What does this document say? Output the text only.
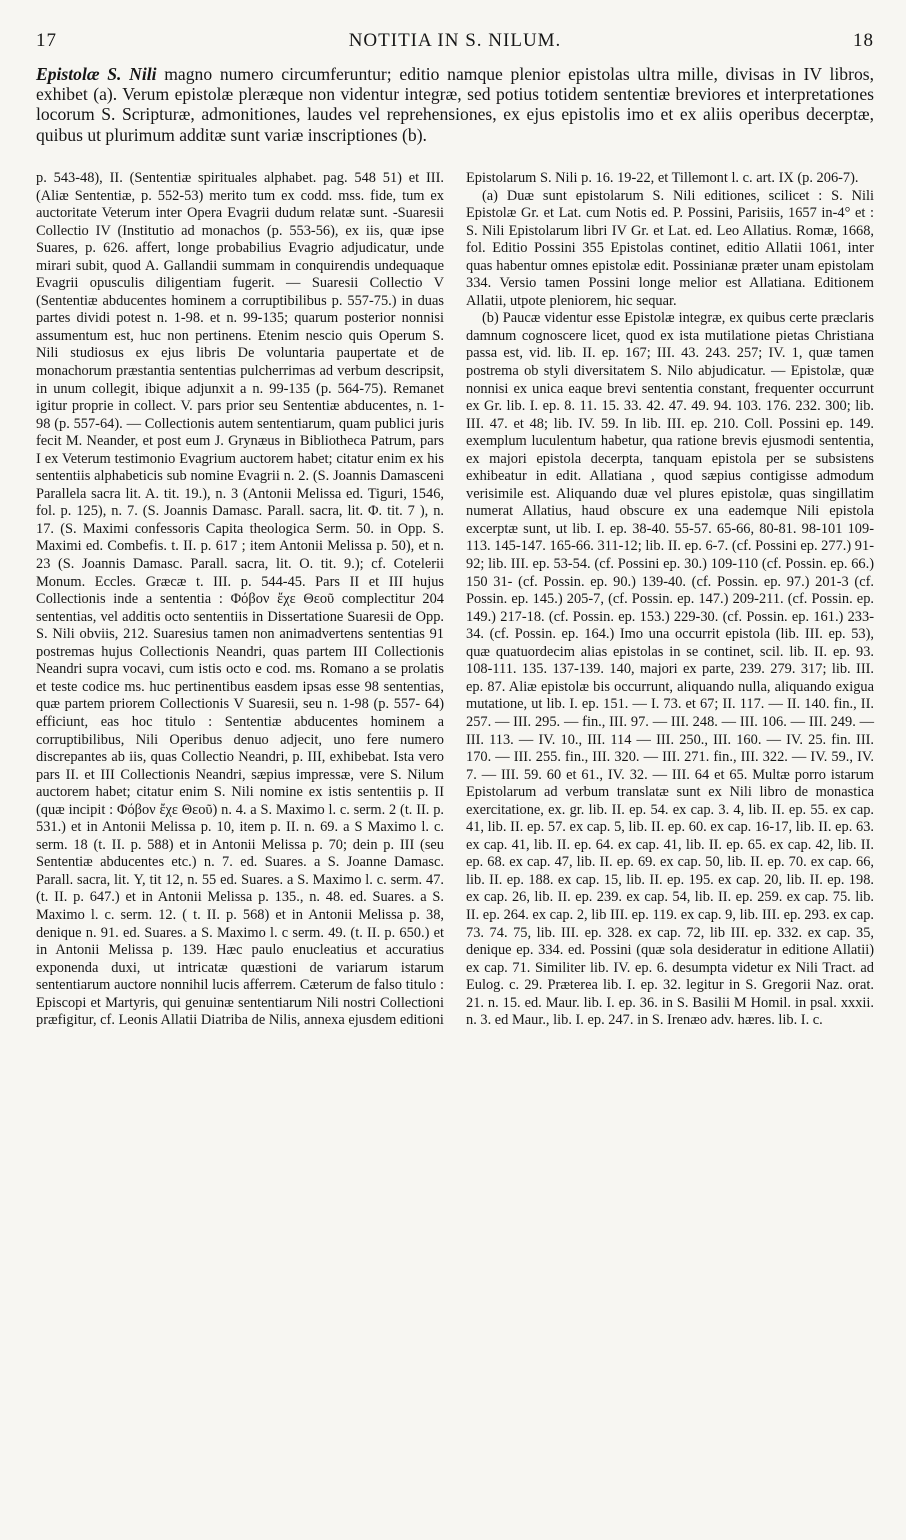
17	NOTITIA IN S. NILUM.	18
Epistolæ S. Nili magno numero circumferuntur; editio namque plenior epistolas ultra mille, divisas in IV libros, exhibet (a). Verum epistolæ pleræque non videntur integræ, sed potius totidem sententiæ breviores et interpretationes locorum S. Scripturæ, admonitiones, laudes vel reprehensiones, ex ejus epistolis imo et ex aliis operibus decerptæ, quibus ut plurimum additæ sunt variæ inscriptiones (b).

p. 543-48), II. (Sententiæ spirituales alphabet. pag. 548 51) et III. (Aliæ Sententiæ, p. 552-53) merito tum ex codd. mss. fide, tum ex auctoritate Veterum inter Opera Evagrii dudum relatæ sunt. -Suaresii Collectio IV (Institutio ad monachos (p. 553-56), ex iis, quæ ipse Suares, p. 626. affert, longe probabilius Evagrio adjudicatur, unde mirari subit, quod A. Gallandii summam in conquirendis undequaque Evagrii opusculis diligentiam fugerit. — Suaresii Collectio V (Sententiæ abducentes hominem a corruptibilibus p. 557-75.) in duas partes dividi potest n. 1-98. et n. 99-135; quarum posterior nonnisi assumentum est, huc non pertinens. Etenim nescio quis Operum S. Nili studiosus ex ejus libris De voluntaria paupertate et de monachorum præstantia sententias pulcherrimas ad verbum descripsit, in unum collegit, ibique adjunxit a n. 99-135 (p. 564-75). Remanet igitur proprie in collect. V. pars prior seu Sententiæ abducentes, n. 1-98 (p. 557-64). — Collectionis autem sententiarum, quam publici juris fecit M. Neander, et post eum J. Grynæus in Bibliotheca Patrum, pars I ex Veterum testimonio Evagrium auctorem habet; citatur enim ex his sententiis alphabeticis sub nomine Evagrii n. 2. (S. Joannis Damasceni Parallela sacra lit. A. tit. 19.), n. 3 (Antonii Melissa ed. Tiguri, 1546, fol. p. 125), n. 7. (S. Joannis Damasc. Parall. sacra, lit. Φ. tit. 7 ), n. 17. (S. Maximi confessoris Capita theologica Serm. 50. in Opp. S. Maximi ed. Combefis. t. II. p. 617 ; item Antonii Melissa p. 50), et n. 23 (S. Joannis Damasc. Parall. sacra, lit. O. tit. 9.); cf. Cotelerii Monum. Eccles. Græcæ t. III. p. 544-45. Pars II et III hujus Collectionis inde a sententia : Φόβον ἔχε Θεοῦ complectitur 204 sententias, vel additis octo sententiis in Dissertatione Suaresii de Opp. S. Nili obviis, 212. Suaresius tamen non animadvertens sententias 91 postremas hujus Collectionis Neandri, quas partem III Collectionis Neandri supra vocavi, cum istis octo e cod. ms. Romano a se prolatis et teste codice ms. huc pertinentibus easdem ipsas esse 98 sententias, quæ partem priorem Collectionis V Suaresii, seu n. 1-98 (p. 557- 64) efficiunt, eas hoc titulo : Sententiæ abducentes hominem a corruptibilibus, Nili Operibus denuo adjecit, uno fere numero discrepantes ab iis, quas Collectio Neandri, p. III, exhibebat. Ista vero pars II. et III Collectionis Neandri, sæpius impressæ, vere S. Nilum auctorem habet; citatur enim S. Nili nomine ex istis sententiis p. II (quæ incipit : Φόβον ἔχε Θεοῦ) n. 4. a S. Maximo l. c. serm. 2 (t. II. p. 531.) et in Antonii Melissa p. 10, item p. II. n. 69. a S Maximo l. c. serm. 18 (t. II. p. 588) et in Antonii Melissa p. 70; dein p. III (seu Sententiæ abducentes etc.) n. 7. ed. Suares. a S. Joanne Damasc. Parall. sacra, lit. Υ, tit 12, n. 55 ed. Suares. a S. Maximo l. c. serm. 47. (t. II. p. 647.) et in Antonii Melissa p. 135., n. 48. ed. Suares. a S. Maximo l. c. serm. 12. ( t. II. p. 568) et in Antonii Melissa p. 38, denique n. 91. ed. Suares. a S. Maximo l. c serm. 49. (t. II. p. 650.) et in Antonii Melissa p. 139. Hæc paulo enucleatius et accuratius exponenda duxi, ut intricatæ quæstioni de variarum istarum sententiarum auctore nonnihil lucis afferrem. Cæterum de falso titulo : Episcopi et Martyris, qui genuinæ sententiarum Nili nostri Collectioni præfigitur, cf. Leonis Allatii Diatriba de Nilis, annexa ejusdem editioni

Epistolarum S. Nili p. 16. 19-22, et Tillemont l. c. art. IX (p. 206-7).

(a) Duæ sunt epistolarum S. Nili editiones, scilicet : S. Nili Epistolæ Gr. et Lat. cum Notis ed. P. Possini, Parisiis, 1657 in-4° et : S. Nili Epistolarum libri IV Gr. et Lat. ed. Leo Allatius. Romæ, 1668, fol. Editio Possini 355 Epistolas continet, editio Allatii 1061, inter quas habentur omnes epistolæ edit. Possinianæ præter unam epistolam 334. Versio tamen Possini longe melior est Allatiana. Editionem Allatii, utpote pleniorem, hic sequar.

(b) Paucæ videntur esse Epistolæ integræ, ex quibus certe præclaris damnum cognoscere licet, quod ex ista mutilatione pietas Christiana passa est, vid. lib. II. ep. 167; III. 43. 243. 257; IV. 1, quæ tamen postrema ob styli diversitatem S. Nilo abjudicatur. — Epistolæ, quæ nonnisi ex unica eaque brevi sententia constant, frequenter occurrunt ex Gr. lib. I. ep. 8. 11. 15. 33. 42. 47. 49. 94. 103. 176. 232. 300; lib. III. 47. et 48; lib. IV. 59. In lib. III. ep. 210. Coll. Possini ep. 149. exemplum luculentum habetur, qua ratione brevis ejusmodi sententia, ex majori epistola decerpta, tanquam epistola per se subsistens exhibeatur in edit. Allatiana , quod sæpius contigisse admodum verisimile est. Aliquando duæ vel plures epistolæ, quas singillatim numerat Allatius, haud obscure ex una eademque Nili epistola excerptæ sunt, ut lib. I. ep. 38-40. 55-57. 65-66, 80-81. 98-101 109-113. 145-147. 165-66. 311-12; lib. II. ep. 6-7. (cf. Possini ep. 277.) 91-92; lib. III. ep. 53-54. (cf. Possini ep. 30.) 109-110 (cf. Possin. ep. 66.) 150 31- (cf. Possin. ep. 90.) 139-40. (cf. Possin. ep. 97.) 201-3 (cf. Possin. ep. 145.) 205-7, (cf. Possin. ep. 147.) 209-211. (cf. Possin. ep. 149.) 217-18. (cf. Possin. ep. 153.) 229-30. (cf. Possin. ep. 161.) 233-34. (cf. Possin. ep. 164.) Imo una occurrit epistola (lib. III. ep. 53), quæ quatuordecim alias epistolas in se continet, scil. lib. II. ep. 93. 108-111. 135. 137-139. 140, majori ex parte, 239. 279. 317; lib. III. ep. 87. Aliæ epistolæ bis occurrunt, aliquando nulla, aliquando exigua mutatione, ut lib. I. ep. 151. — I. 73. et 67; II. 117. — II. 140. fin., II. 257. — III. 295. — fin., III. 97. — III. 248. — III. 106. — III. 249. — III. 113. — IV. 10., III. 114 — III. 250., III. 160. — IV. 25. fin. III. 170. — III. 255. fin., III. 320. — III. 271. fin., III. 322. — IV. 59., IV. 7. — III. 59. 60 et 61., IV. 32. — III. 64 et 65. Multæ porro istarum Epistolarum ad verbum translatæ sunt ex Nili libro de monastica exercitatione, ex. gr. lib. II. ep. 54. ex cap. 3. 4, lib. II. ep. 55. ex cap. 41, lib. II. ep. 57. ex cap. 5, lib. II. ep. 60. ex cap. 16-17, lib. II. ep. 63. ex cap. 41, lib. II. ep. 64. ex cap. 41, lib. II. ep. 65. ex cap. 42, lib. II. ep. 68. ex cap. 47, lib. II. ep. 69. ex cap. 50, lib. II. ep. 70. ex cap. 66, lib. II. ep. 188. ex cap. 15, lib. II. ep. 195. ex cap. 20, lib. II. ep. 198. ex cap. 26, lib. II. ep. 239. ex cap. 54, lib. II. ep. 259. ex cap. 75. lib. II. ep. 264. ex cap. 2, lib III. ep. 119. ex cap. 9, lib. III. ep. 293. ex cap. 73. 74. 75, lib. III. ep. 328. ex cap. 72, lib III. ep. 332. ex cap. 35, denique ep. 334. ed. Possini (quæ sola desideratur in editione Allatii) ex cap. 71. Similiter lib. IV. ep. 6. desumpta videtur ex Nili Tract. ad Eulog. c. 29. Præterea lib. I. ep. 32. legitur in S. Gregorii Naz. orat. 21. n. 15. ed. Maur. lib. I. ep. 36. in S. Basilii M Homil. in psal. xxxii. n. 3. ed Maur., lib. I. ep. 247. in S. Irenæo adv. hæres. lib. I. c.
